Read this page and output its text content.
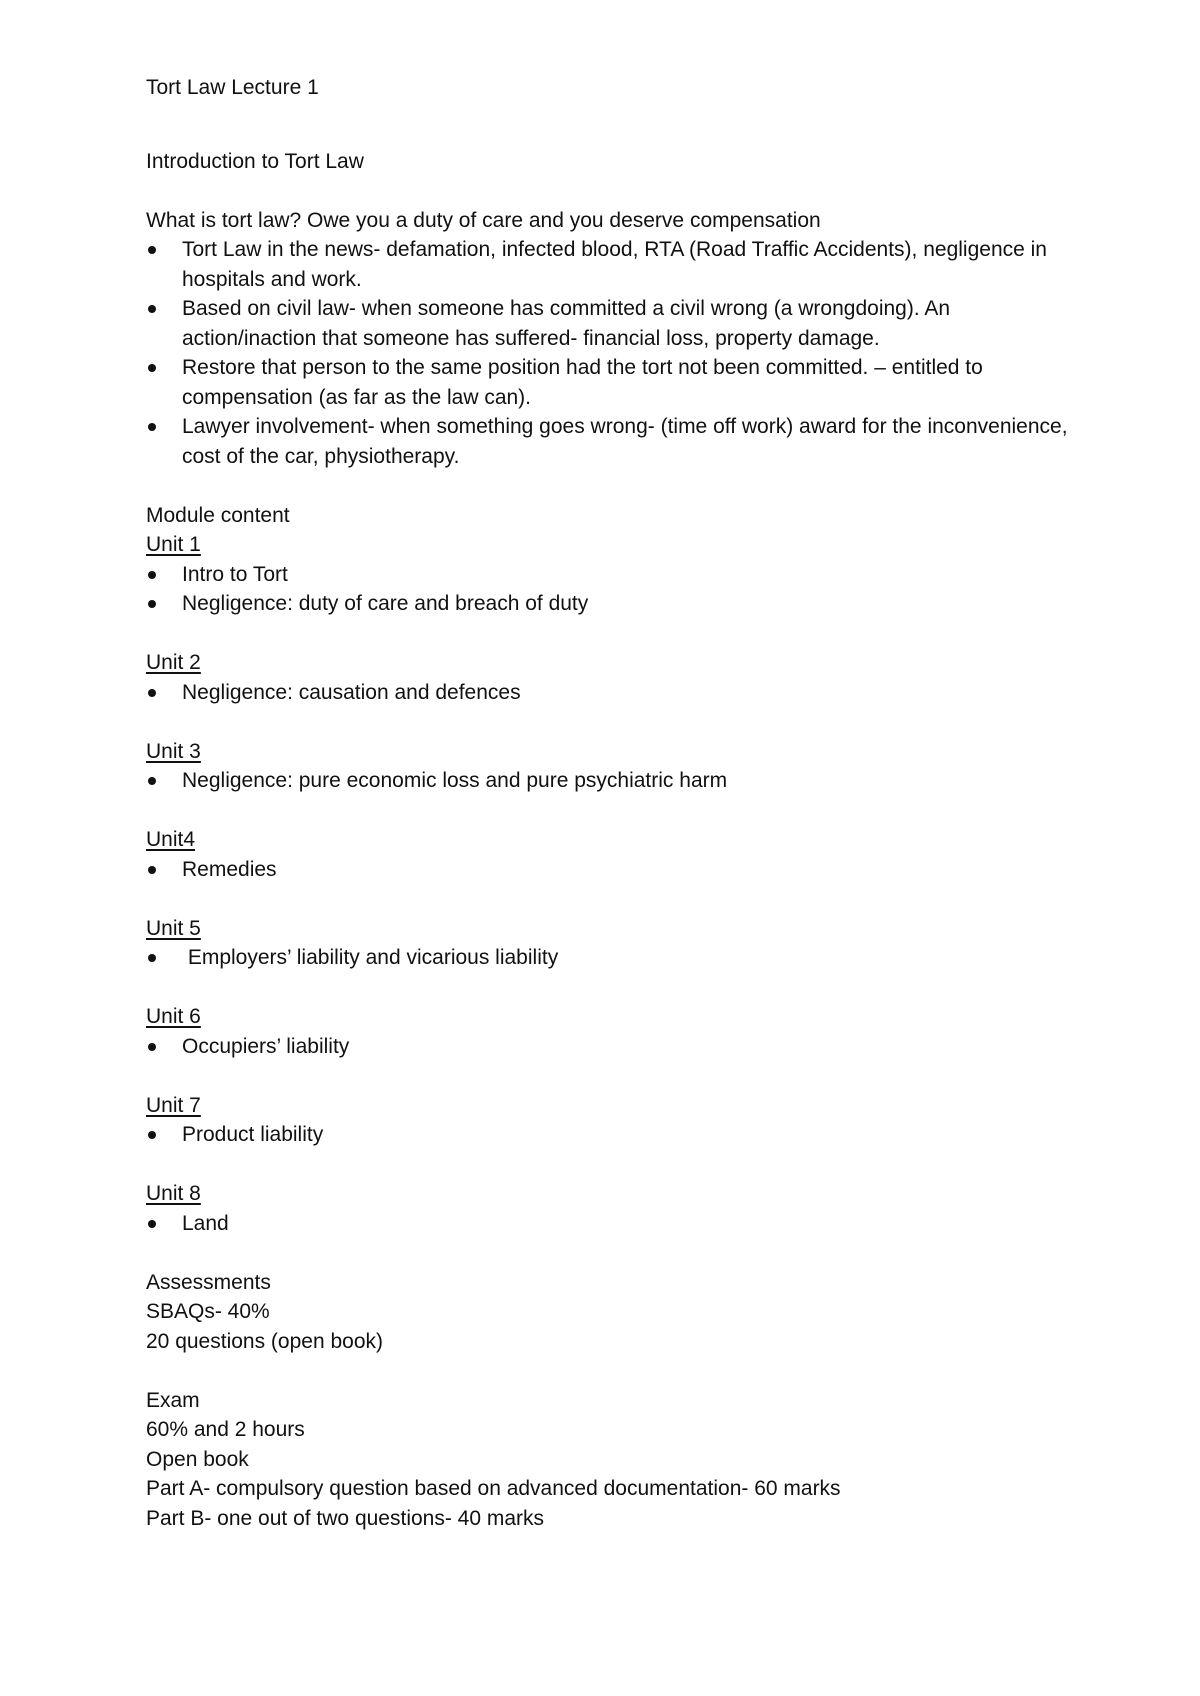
Tort Law Lecture 1

Introduction to Tort Law

What is tort law? Owe you a duty of care and you deserve compensation

Tort Law in the news- defamation, infected blood, RTA (Road Traffic Accidents), negligence in hospitals and work.
Based on civil law- when someone has committed a civil wrong (a wrongdoing). An action/inaction that someone has suffered- financial loss, property damage.
Restore that person to the same position had the tort not been committed. – entitled to compensation (as far as the law can).
Lawyer involvement- when something goes wrong- (time off work) award for the inconvenience, cost of the car, physiotherapy.

Module content

Unit 1

Intro to Tort
Negligence: duty of care and breach of duty

Unit 2

Negligence: causation and defences

Unit 3

Negligence: pure economic loss and pure psychiatric harm

Unit4

Remedies

Unit 5

Employers’ liability and vicarious liability

Unit 6

Occupiers’ liability

Unit 7

Product liability

Unit 8

Land

Assessments

SBAQs- 40%

20 questions (open book)

Exam

60% and 2 hours

Open book

Part A- compulsory question based on advanced documentation- 60 marks

Part B- one out of two questions- 40 marks
